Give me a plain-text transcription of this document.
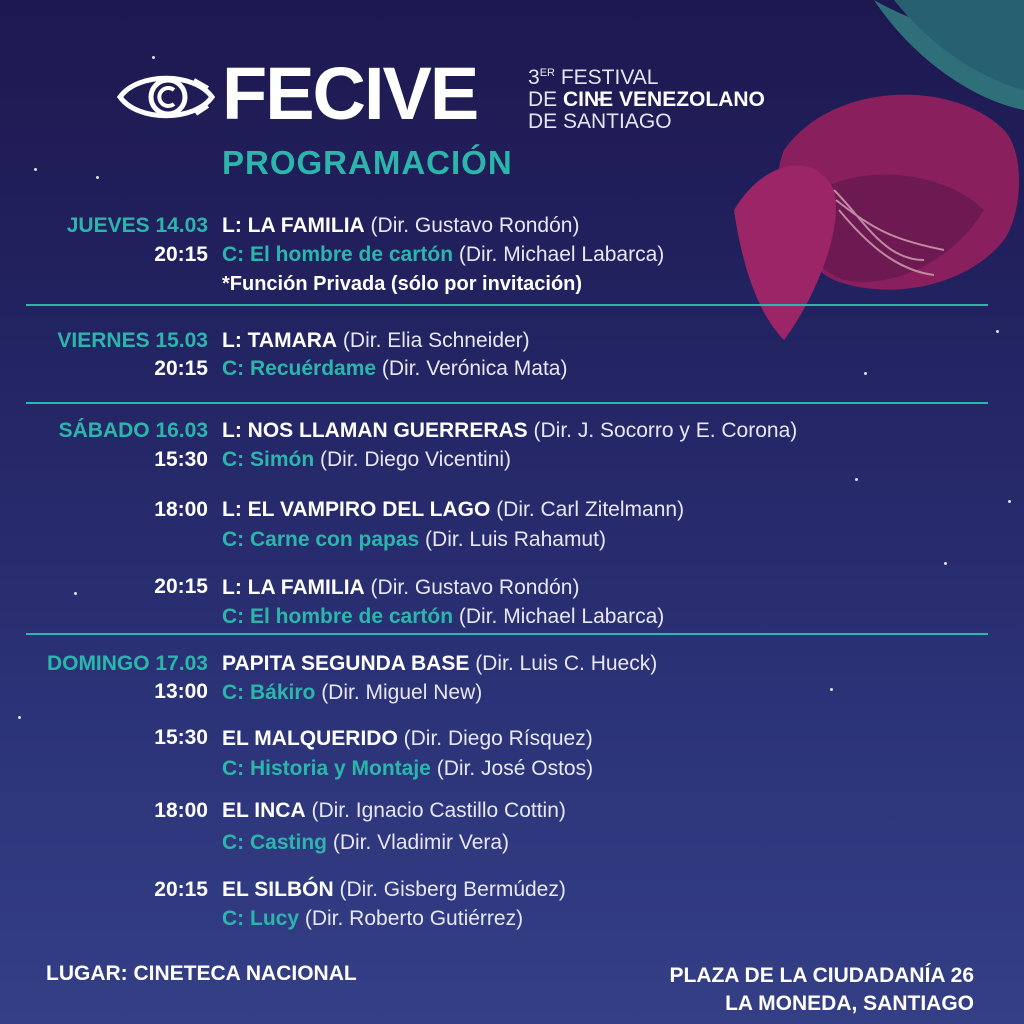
FECIVE 3ER FESTIVAL
DE CINE VENEZOLANO
DE SANTIAGO
PROGRAMACIÓN
JUEVES 14.03
20:15
L: LA FAMILIA (Dir. Gustavo Rondón)
C: El hombre de cartón (Dir. Michael Labarca)
*Función Privada (sólo por invitación)
VIERNES 15.03
20:15
L: TAMARA (Dir. Elia Schneider)
C: Recuérdame (Dir. Verónica Mata)
SÁBADO 16.03
15:30
L: NOS LLAMAN GUERRERAS (Dir. J. Socorro y E. Corona)
C: Simón (Dir. Diego Vicentini)
18:00 L: EL VAMPIRO DEL LAGO (Dir. Carl Zitelmann)
C: Carne con papas (Dir. Luis Rahamut)
20:15 L: LA FAMILIA (Dir. Gustavo Rondón)
C: El hombre de cartón (Dir. Michael Labarca)
DOMINGO 17.03
13:00
PAPITA SEGUNDA BASE (Dir. Luis C. Hueck)
C: Bákiro (Dir. Miguel New)
15:30 EL MALQUERIDO (Dir. Diego Rísquez)
C: Historia y Montaje (Dir. José Ostos)
18:00 EL INCA (Dir. Ignacio Castillo Cottin)
C: Casting (Dir. Vladimir Vera)
20:15 EL SILBÓN (Dir. Gisberg Bermúdez)
C: Lucy (Dir. Roberto Gutiérrez)
LUGAR: CINETECA NACIONAL	PLAZA DE LA CIUDADANÍA 26
LA MONEDA, SANTIAGO
